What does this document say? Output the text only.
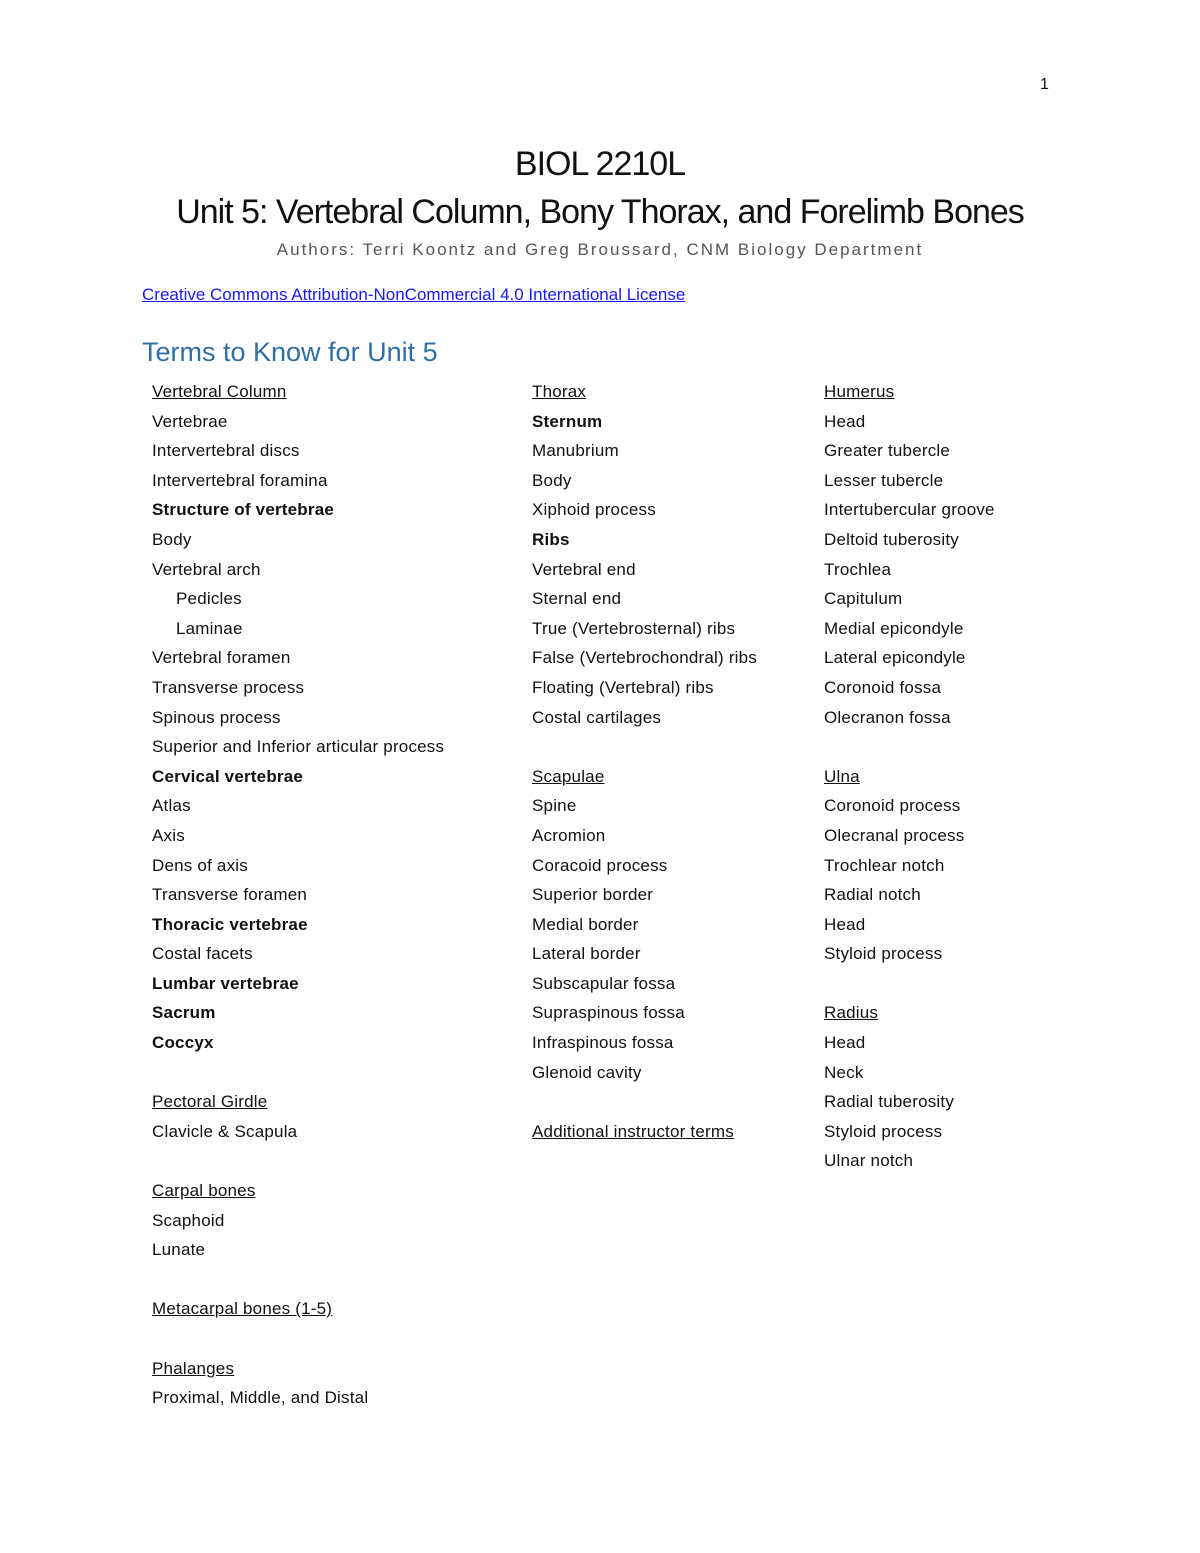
1
BIOL 2210L
Unit 5: Vertebral Column, Bony Thorax, and Forelimb Bones
Authors: Terri Koontz and Greg Broussard, CNM Biology Department
Creative Commons Attribution-NonCommercial 4.0 International License
Terms to Know for Unit 5
Vertebral Column
Vertebrae
Intervertebral discs
Intervertebral foramina
Structure of vertebrae
Body
Vertebral arch
Pedicles
Laminae
Vertebral foramen
Transverse process
Spinous process
Superior and Inferior articular process
Cervical vertebrae
Atlas
Axis
Dens of axis
Transverse foramen
Thoracic vertebrae
Costal facets
Lumbar vertebrae
Sacrum
Coccyx
Pectoral Girdle
Clavicle & Scapula
Carpal bones
Scaphoid
Lunate
Metacarpal bones (1-5)
Phalanges
Proximal, Middle, and Distal
Thorax
Sternum
Manubrium
Body
Xiphoid process
Ribs
Vertebral end
Sternal end
True (Vertebrosternal) ribs
False (Vertebrochondral) ribs
Floating (Vertebral) ribs
Costal cartilages
Scapulae
Spine
Acromion
Coracoid process
Superior border
Medial border
Lateral border
Subscapular fossa
Supraspinous fossa
Infraspinous fossa
Glenoid cavity
Additional instructor terms
Humerus
Head
Greater tubercle
Lesser tubercle
Intertubercular groove
Deltoid tuberosity
Trochlea
Capitulum
Medial epicondyle
Lateral epicondyle
Coronoid fossa
Olecranon fossa
Ulna
Coronoid process
Olecranal process
Trochlear notch
Radial notch
Head
Styloid process
Radius
Head
Neck
Radial tuberosity
Styloid process
Ulnar notch
